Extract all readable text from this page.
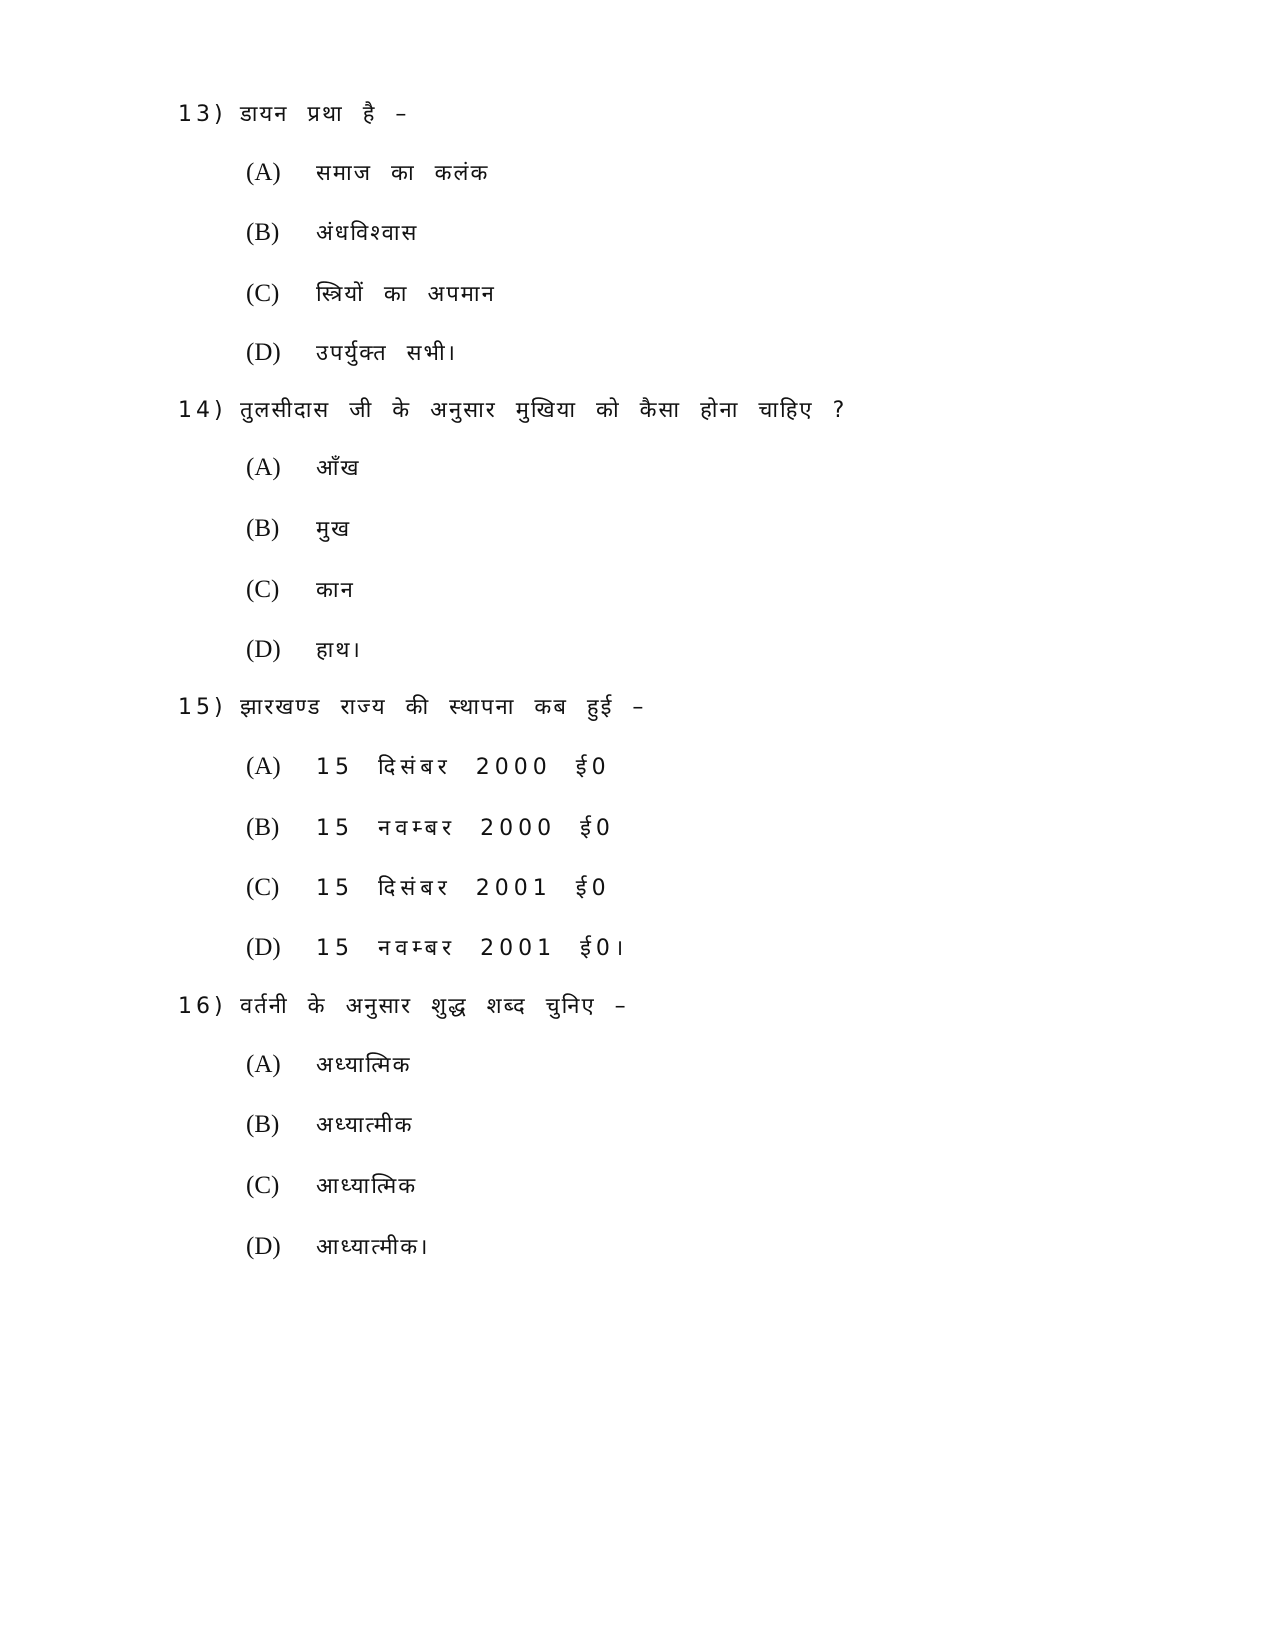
13) डायन प्रथा है –
(A) समाज का कलंक
(B) अंधविश्वास
(C) स्त्रियों का अपमान
(D) उपर्युक्त सभी।
14) तुलसीदास जी के अनुसार मुखिया को कैसा होना चाहिए ?
(A) आँख
(B) मुख
(C) कान
(D) हाथ।
15) झारखण्ड राज्य की स्थापना कब हुई –
(A) 15 दिसंबर 2000 ई0
(B) 15 नवम्बर 2000 ई0
(C) 15 दिसंबर 2001 ई0
(D) 15 नवम्बर 2001 ई0।
16) वर्तनी के अनुसार शुद्ध शब्द चुनिए –
(A) अध्यात्मिक
(B) अध्यात्मीक
(C) आध्यात्मिक
(D) आध्यात्मीक।
